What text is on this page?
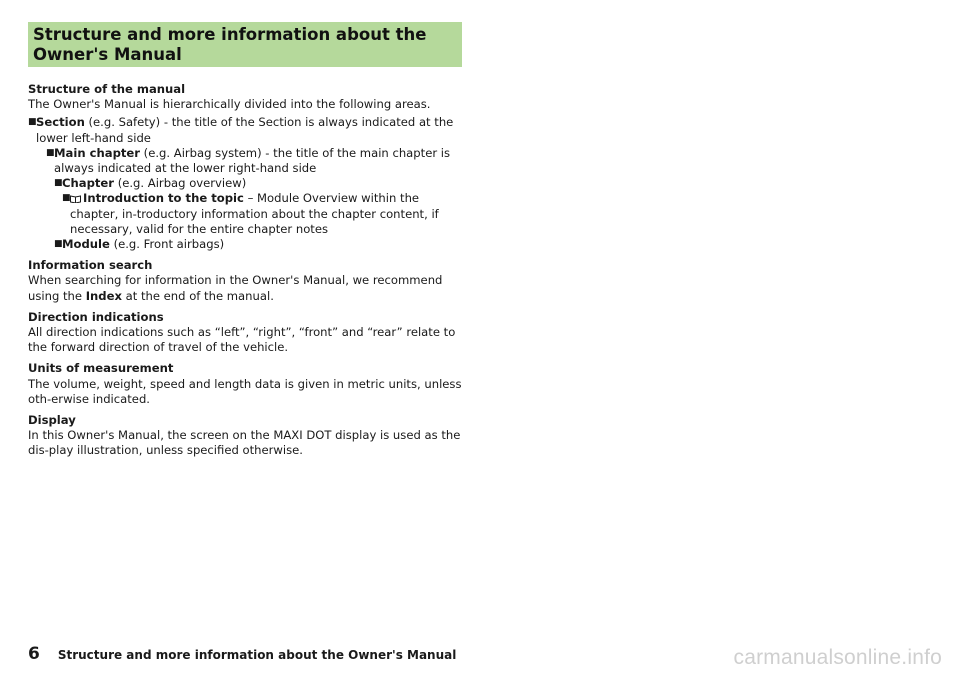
Structure and more information about the Owner's Manual
Structure of the manual

The Owner's Manual is hierarchically divided into the following areas.

■ Section (e.g. Safety) - the title of the Section is always indicated at the lower left-hand side
■ Main chapter (e.g. Airbag system) - the title of the main chapter is always indicated at the lower right-hand side
■ Chapter (e.g. Airbag overview)
■	Introduction to the topic – Module Overview within the chapter, in-troductory information about the chapter content, if necessary, valid for the entire chapter notes
■ Module (e.g. Front airbags)
Information search

When searching for information in the Owner's Manual, we recommend using the Index at the end of the manual.

Direction indications

All direction indications such as “left”, “right”, “front” and “rear” relate to the forward direction of travel of the vehicle.

Units of measurement

The volume, weight, speed and length data is given in metric units, unless oth-erwise indicated.

Display

In this Owner's Manual, the screen on the MAXI DOT display is used as the dis-play illustration, unless specified otherwise.

6 Structure and more information about the Owner's Manual	carmanualsonline.info
